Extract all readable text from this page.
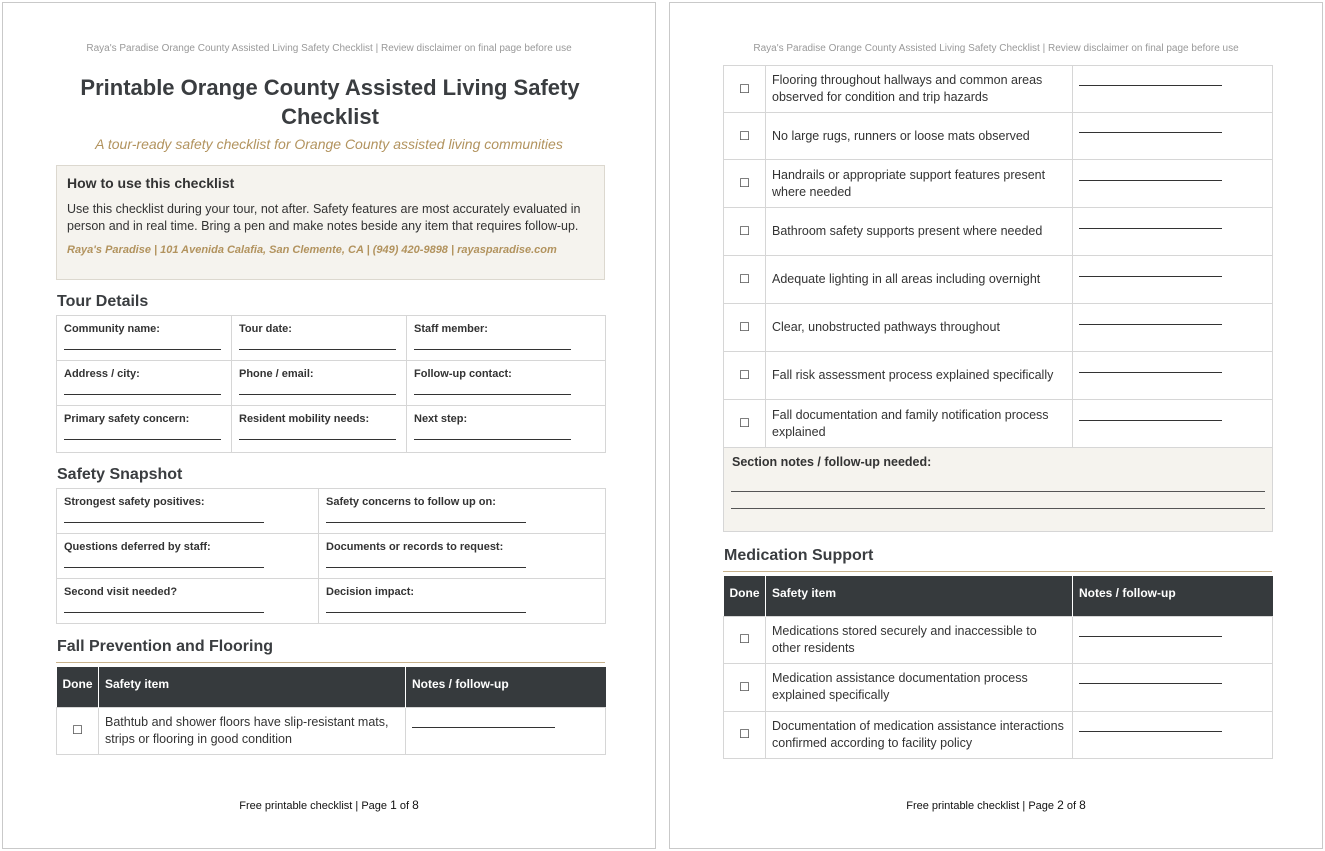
Raya's Paradise Orange County Assisted Living Safety Checklist | Review disclaimer on final page before use
Printable Orange County Assisted Living Safety Checklist
A tour-ready safety checklist for Orange County assisted living communities
How to use this checklist
Use this checklist during your tour, not after. Safety features are most accurately evaluated in person and in real time. Bring a pen and make notes beside any item that requires follow-up.
Raya's Paradise | 101 Avenida Calafia, San Clemente, CA | (949) 420-9898 | rayasparadise.com
Tour Details
Community name:	Tour date:	Staff member:

Address / city:	Phone / email:	Follow-up contact:

Primary safety concern:	Resident mobility needs:	Next step:
Safety Snapshot
Strongest safety positives:	Safety concerns to follow up on:

Questions deferred by staff:	Documents or records to request:

Second visit needed?	Decision impact:
Fall Prevention and Flooring
Done	Safety item	Notes / follow-up
☐	Bathtub and shower floors have slip-resistant mats, strips or flooring in good condition	
Free printable checklist | Page 1 of 8
Raya's Paradise Orange County Assisted Living Safety Checklist | Review disclaimer on final page before use
☐	Flooring throughout hallways and common areas observed for condition and trip hazards	

☐	No large rugs, runners or loose mats observed	

☐	Handrails or appropriate support features present where needed	

☐	Bathroom safety supports present where needed	

☐	Adequate lighting in all areas including overnight	

☐	Clear, unobstructed pathways throughout	

☐	Fall risk assessment process explained specifically	

☐	Fall documentation and family notification process explained	

Section notes / follow-up needed:		
Medication Support
Done	Safety item	Notes / follow-up
☐	Medications stored securely and inaccessible to other residents	

☐	Medication assistance documentation process explained specifically	

☐	Documentation of medication assistance interactions confirmed according to facility policy	
Free printable checklist | Page 2 of 8
